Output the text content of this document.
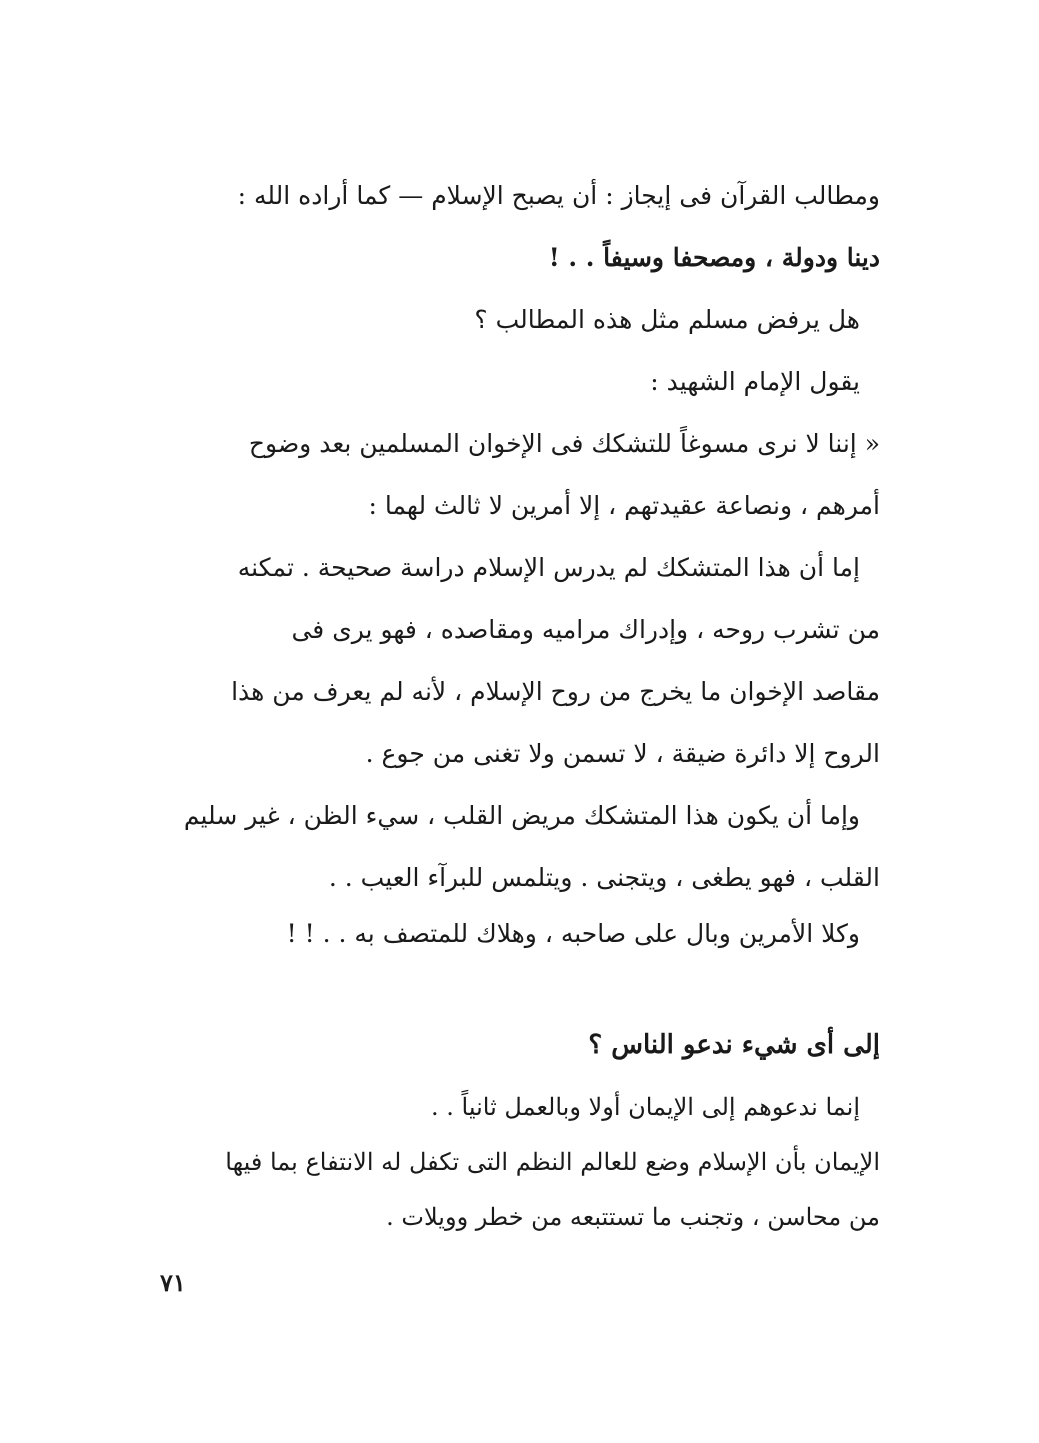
ومطالب القرآن فى إيجاز : أن يصبح الإسلام — كما أراده الله :
دينا ودولة ، ومصحفا وسيفاً . . !
هل يرفض مسلم مثل هذه المطالب ؟
يقول الإمام الشهيد :
« إننا لا نرى مسوغاً للتشكك فى الإخوان المسلمين بعد وضوح
أمرهم ، ونصاعة عقيدتهم ، إلا أمرين لا ثالث لهما :
إما أن هذا المتشكك لم يدرس الإسلام دراسة صحيحة . تمكنه
من تشرب روحه ، وإدراك مراميه ومقاصده ، فهو يرى فى
مقاصد الإخوان ما يخرج من روح الإسلام ، لأنه لم يعرف من هذا
الروح إلا دائرة ضيقة ، لا تسمن ولا تغنى من جوع .
وإما أن يكون هذا المتشكك مريض القلب ، سيء الظن ، غير سليم
القلب ، فهو يطغى ، ويتجنى . ويتلمس للبرآء العيب . .
وكلا الأمرين وبال على صاحبه ، وهلاك للمتصف به . . ! !
إلى أى شيء ندعو الناس ؟
إنما ندعوهم إلى الإيمان أولا وبالعمل ثانياً . .
الإيمان بأن الإسلام وضع للعالم النظم التى تكفل له الانتفاع بما فيها
من محاسن ، وتجنب ما تستتبعه من خطر وويلات .
٧١
